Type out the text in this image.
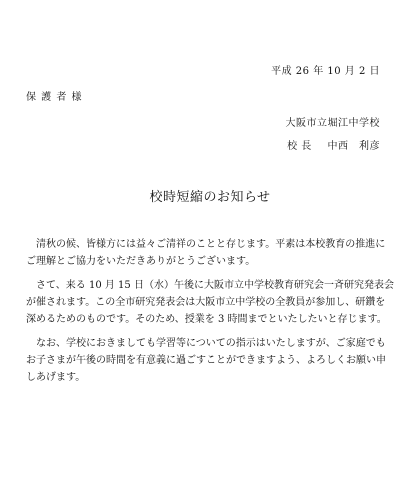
平成 26 年 10 月 2 日
保 護 者 様
大阪市立堀江中学校
校 長 中西　利彦
校時短縮のお知らせ
　清秋の候、皆様方には益々ご清祥のことと存じます。平素は本校教育の推進に
ご理解とご協力をいただきありがとうございます。
　さて、来る 10 月 15 日（水）午後に大阪市立中学校教育研究会一斉研究発表会
が催されます。この全市研究発表会は大阪市立中学校の全教員が参加し、研鑽を
深めるためのものです。そのため、授業を 3 時間までといたしたいと存じます。
　なお、学校におきましても学習等についての指示はいたしますが、ご家庭でも
お子さまが午後の時間を有意義に過ごすことができますよう、よろしくお願い申
しあげます。
